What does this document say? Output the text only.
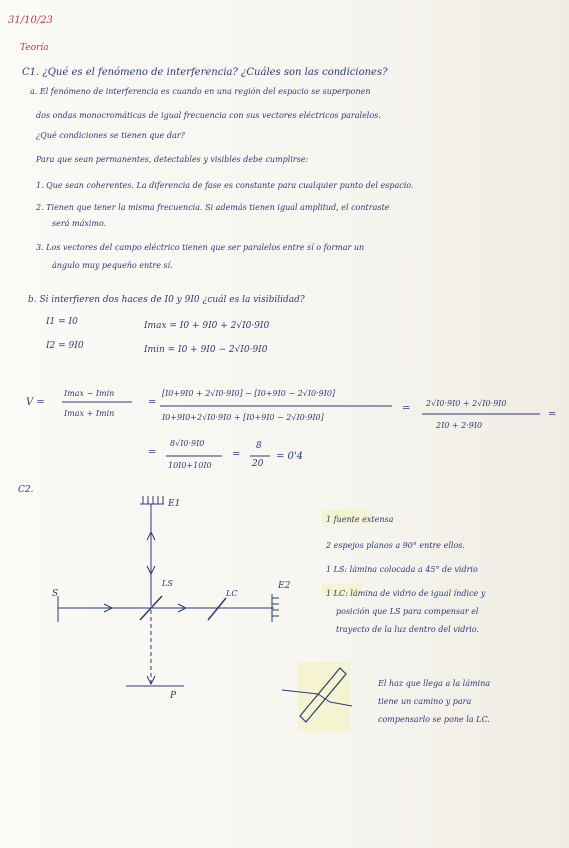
31/10/23
Teoría
C1. ¿Qué es el fenómeno de interferencia? ¿Cuáles son las condiciones?
a. El fenómeno de interferencia es cuando en una región del espacio se superponen
dos ondas monocromáticas de igual frecuencia con sus vectores eléctricos paralelos.
¿Qué condiciones se tienen que dar?
Para que sean permanentes, detectables y visibles debe cumplirse:
1. Que sean coherentes. La diferencia de fase es constante para cualquier punto del espacio.
2. Tienen que tener la misma frecuencia. Si además tienen igual amplitud, el contraste
será máximo.
3. Los vectores del campo eléctrico tienen que ser paralelos entre sí o formar un
ángulo muy pequeño entre sí.
b. Si interfieren dos haces de I0 y 9I0 ¿cuál es la visibilidad?
I1 = I0
I2 = 9I0
Imax = I0 + 9I0 + 2√I0·9I0
Imin = I0 + 9I0 − 2√I0·9I0
V =
Imax − Imin
Imax + Imin
=
[I0+9I0 + 2√I0·9I0] − [I0+9I0 − 2√I0·9I0]
I0+9I0+2√I0·9I0 + [I0+9I0 − 2√I0·9I0]
= 2√I0·9I0 + 2√I0·9I0
2I0 + 2·9I0
=
=
8√I0·9I0
10I0+10I0
=
8
20
= 0'4
C2.
E1
E2
LS
LC
S
P
1 fuente extensa
2 espejos planos a 90° entre ellos.
1 LS: lámina colocada a 45° de vidrio
1 LC: lámina de vidrio de igual índice y
posición que LS para compensar el
trayecto de la luz dentro del vidrio.
El haz que llega a la lámina
tiene un camino y para
compensarlo se pone la LC.
